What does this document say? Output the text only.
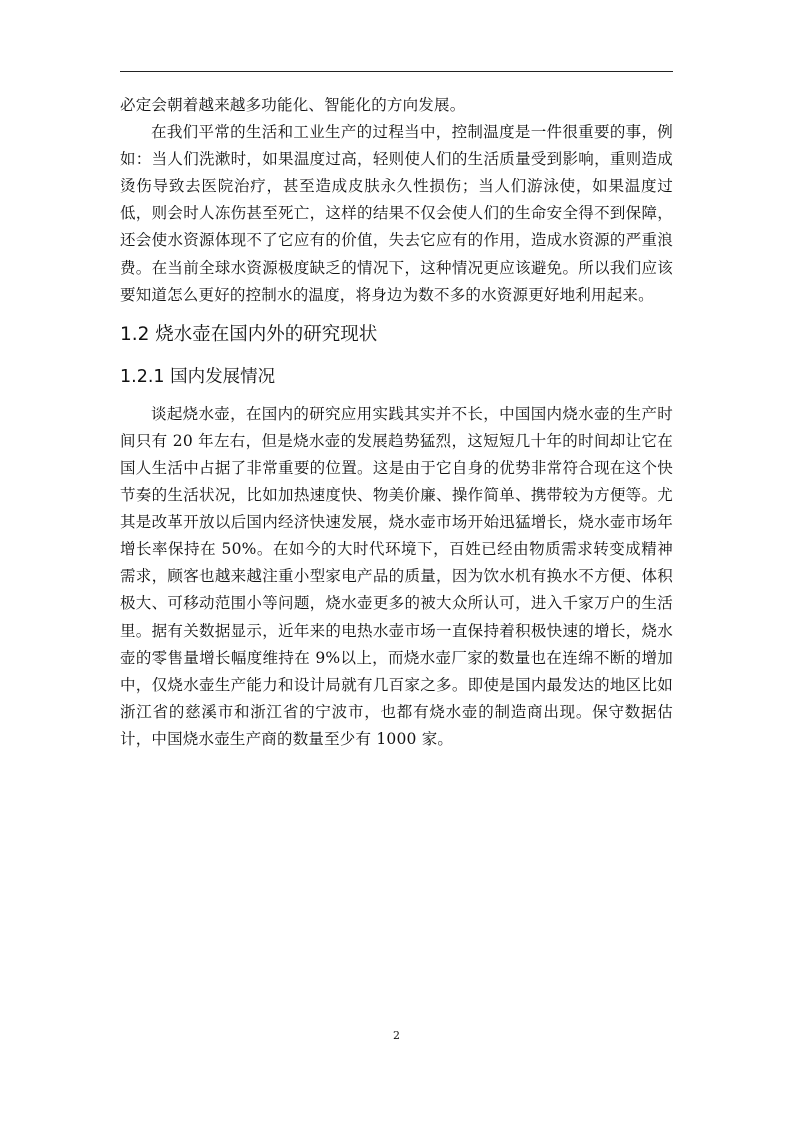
必定会朝着越来越多功能化、智能化的方向发展。

在我们平常的生活和工业生产的过程当中，控制温度是一件很重要的事，例如：当人们洗漱时，如果温度过高，轻则使人们的生活质量受到影响，重则造成烫伤导致去医院治疗，甚至造成皮肤永久性损伤；当人们游泳使，如果温度过低，则会时人冻伤甚至死亡，这样的结果不仅会使人们的生命安全得不到保障，还会使水资源体现不了它应有的价值，失去它应有的作用，造成水资源的严重浪费。在当前全球水资源极度缺乏的情况下，这种情况更应该避免。所以我们应该要知道怎么更好的控制水的温度，将身边为数不多的水资源更好地利用起来。

1.2 烧水壶在国内外的研究现状
1.2.1 国内发展情况

谈起烧水壶，在国内的研究应用实践其实并不长，中国国内烧水壶的生产时间只有 20 年左右，但是烧水壶的发展趋势猛烈，这短短几十年的时间却让它在国人生活中占据了非常重要的位置。这是由于它自身的优势非常符合现在这个快节奏的生活状况，比如加热速度快、物美价廉、操作简单、携带较为方便等。尤其是改革开放以后国内经济快速发展，烧水壶市场开始迅猛增长，烧水壶市场年增长率保持在 50%。在如今的大时代环境下，百姓已经由物质需求转变成精神需求，顾客也越来越注重小型家电产品的质量，因为饮水机有换水不方便、体积极大、可移动范围小等问题，烧水壶更多的被大众所认可，进入千家万户的生活里。据有关数据显示，近年来的电热水壶市场一直保持着积极快速的增长，烧水壶的零售量增长幅度维持在 9%以上，而烧水壶厂家的数量也在连绵不断的增加中，仅烧水壶生产能力和设计局就有几百家之多。即使是国内最发达的地区比如浙江省的慈溪市和浙江省的宁波市，也都有烧水壶的制造商出现。保守数据估计，中国烧水壶生产商的数量至少有 1000 家。

2
